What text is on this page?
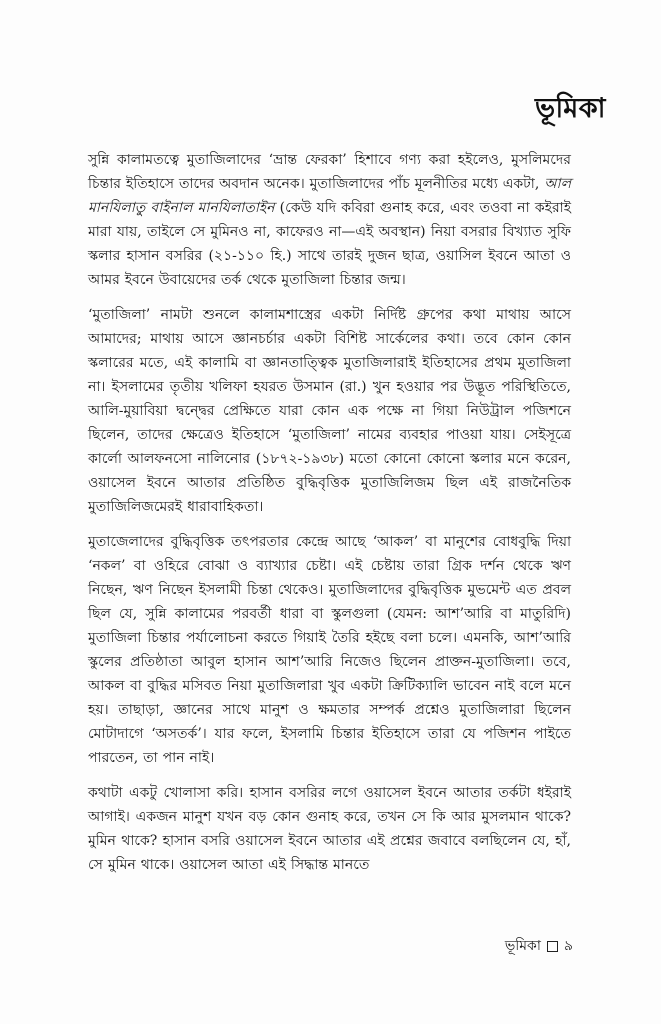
ভূমিকা

সুন্নি কালামতত্বে মুতাজিলাদের ‘ভ্রান্ত ফেরকা’ হিশাবে গণ্য করা হইলেও, মুসলিমদের চিন্তার ইতিহাসে তাদের অবদান অনেক। মুতাজিলাদের পাঁচ মূলনীতির মধ্যে একটা, আল মানযিলাতু বাইনাল মানযিলাতাইন (কেউ যদি কবিরা গুনাহ করে, এবং তওবা না কইরাই মারা যায়, তাইলে সে মুমিনও না, কাফেরও না—এই অবস্থান) নিয়া বসরার বিখ্যাত সুফি স্কলার হাসান বসরির (২১-১১০ হি.) সাথে তারই দুজন ছাত্র, ওয়াসিল ইবনে আতা ও আমর ইবনে উবায়েদের তর্ক থেকে মুতাজিলা চিন্তার জন্ম।

‘মুতাজিলা’ নামটা শুনলে কালামশাস্ত্রের একটা নির্দিষ্ট গ্রুপের কথা মাথায় আসে আমাদের; মাথায় আসে জ্ঞানচর্চার একটা বিশিষ্ট সার্কেলের কথা। তবে কোন কোন স্কলারের মতে, এই কালামি বা জ্ঞানতাত্ত্বিক মুতাজিলারাই ইতিহাসের প্রথম মুতাজিলা না। ইসলামের তৃতীয় খলিফা হযরত উসমান (রা.) খুন হওয়ার পর উদ্ভূত পরিস্থিতিতে, আলি-মুয়াবিয়া দ্বন্দ্বের প্রেক্ষিতে যারা কোন এক পক্ষে না গিয়া নিউট্রাল পজিশনে ছিলেন, তাদের ক্ষেত্রেও ইতিহাসে ‘মুতাজিলা’ নামের ব্যবহার পাওয়া যায়। সেইসূত্রে কার্লো আলফনসো নালিনোর (১৮৭২-১৯৩৮) মতো কোনো কোনো স্কলার মনে করেন, ওয়াসেল ইবনে আতার প্রতিষ্ঠিত বুদ্ধিবৃত্তিক মুতাজিলিজম ছিল এই রাজনৈতিক মুতাজিলিজমেরই ধারাবাহিকতা।

মুতাজেলাদের বুদ্ধিবৃত্তিক তৎপরতার কেন্দ্রে আছে ‘আকল’ বা মানুশের বোধবুদ্ধি দিয়া ‘নকল’ বা ওহিরে বোঝা ও ব্যাখ্যার চেষ্টা। এই চেষ্টায় তারা গ্রিক দর্শন থেকে ঋণ নিছেন, ঋণ নিছেন ইসলামী চিন্তা থেকেও। মুতাজিলাদের বুদ্ধিবৃত্তিক মুভমেন্ট এত প্রবল ছিল যে, সুন্নি কালামের পরবর্তী ধারা বা স্কুলগুলা (যেমন: আশ’আরি বা মাতুরিদি) মুতাজিলা চিন্তার পর্যালোচনা করতে গিয়াই তৈরি হইছে বলা চলে। এমনকি, আশ’আরি স্কুলের প্রতিষ্ঠাতা আবুল হাসান আশ’আরি নিজেও ছিলেন প্রাক্তন-মুতাজিলা। তবে, আকল বা বুদ্ধির মসিবত নিয়া মুতাজিলারা খুব একটা ক্রিটিক্যালি ভাবেন নাই বলে মনে হয়। তাছাড়া, জ্ঞানের সাথে মানুশ ও ক্ষমতার সম্পর্ক প্রশ্নেও মুতাজিলারা ছিলেন মোটাদাগে ‘অসতর্ক’। যার ফলে, ইসলামি চিন্তার ইতিহাসে তারা যে পজিশন পাইতে পারতেন, তা পান নাই।

কথাটা একটু খোলাসা করি। হাসান বসরির লগে ওয়াসেল ইবনে আতার তর্কটা ধইরাই আগাই। একজন মানুশ যখন বড় কোন গুনাহ করে, তখন সে কি আর মুসলমান থাকে? মুমিন থাকে? হাসান বসরি ওয়াসেল ইবনে আতার এই প্রশ্নের জবাবে বলছিলেন যে, হাঁ, সে মুমিন থাকে। ওয়াসেল আতা এই সিদ্ধান্ত মানতে

ভূমিকা ৯
